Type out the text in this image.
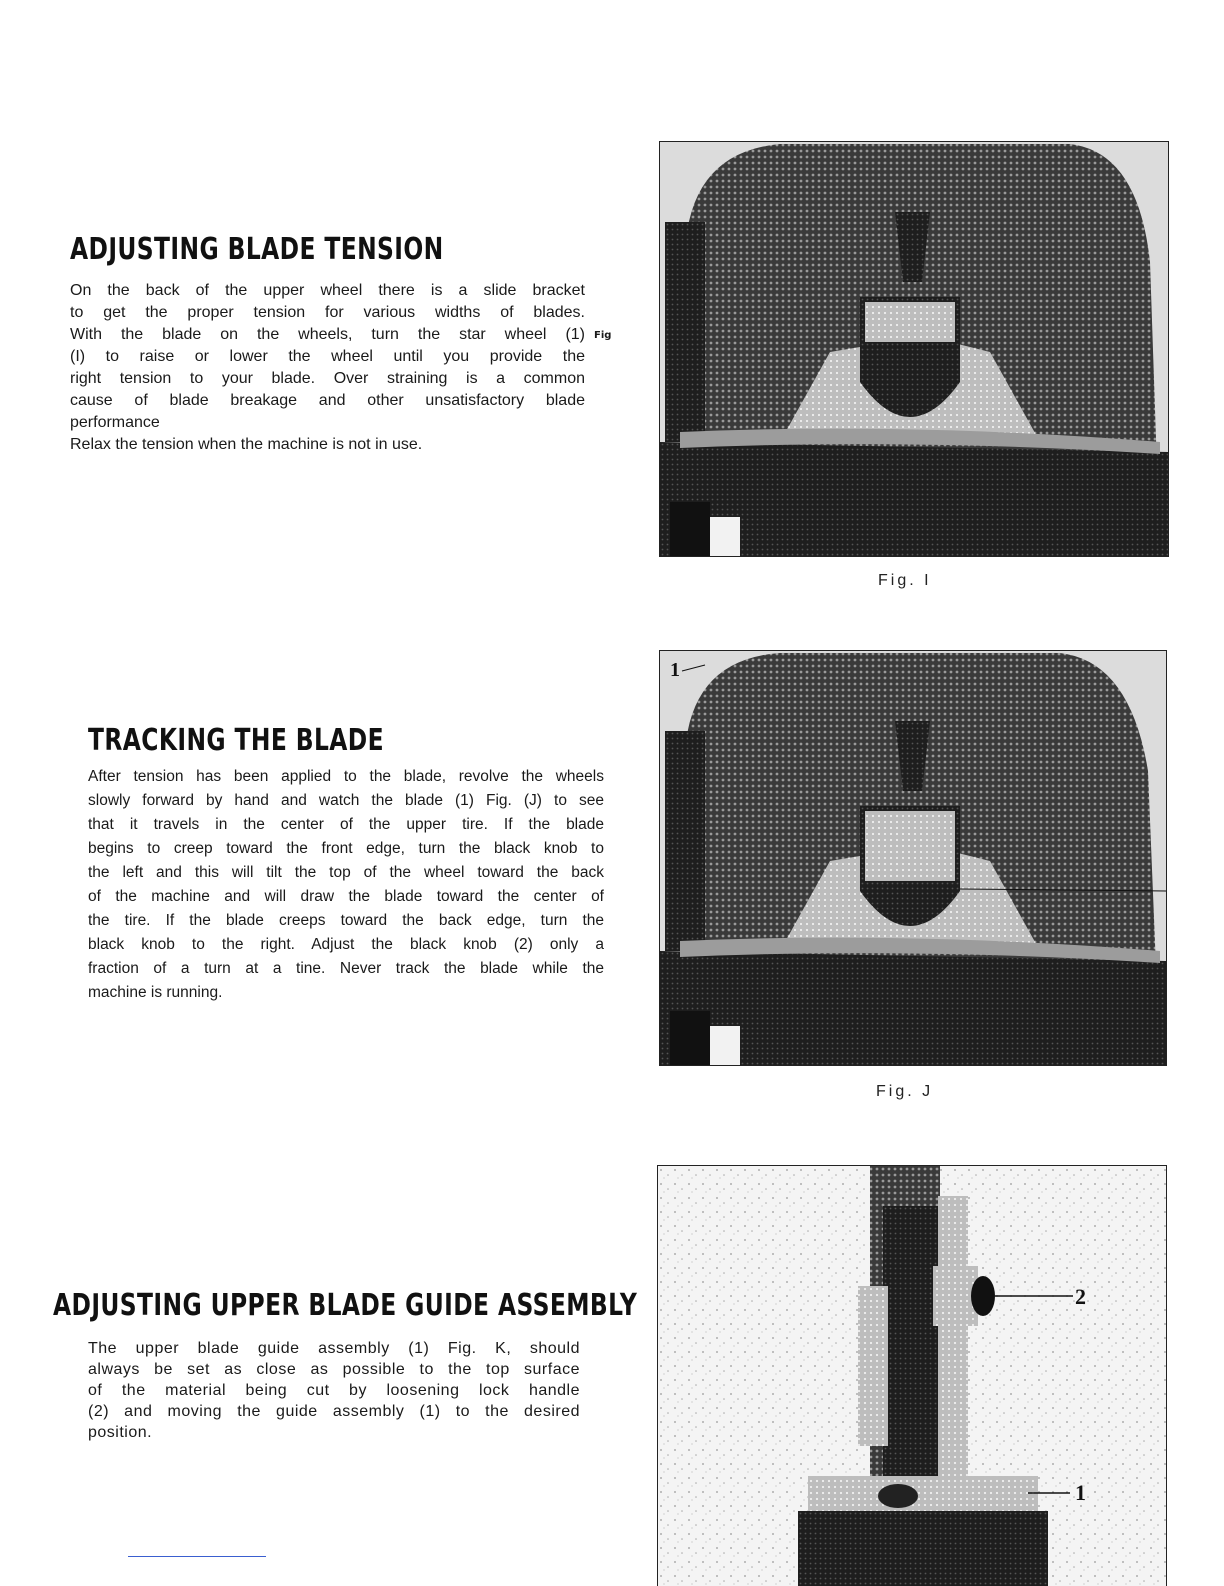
ADJUSTING BLADE TENSION
On the back of the upper wheel there is a slide bracket
to get the proper tension for various widths of blades.
With the blade on the wheels, turn the star wheel (1)
(I) to raise or lower the wheel until you provide the
right tension to your blade. Over straining is a common
cause of blade breakage and other unsatisfactory blade
performance
Relax the tension when the machine is not in use.
Fig
Fig. I
TRACKING THE BLADE
After tension has been applied to the blade, revolve the wheels
slowly forward by hand and watch the blade (1) Fig. (J) to see
that it travels in the center of the upper tire. If the blade
begins to creep toward the front edge, turn the black knob to
the left and this will tilt the top of the wheel toward the back
of the machine and will draw the blade toward the center of
the tire. If the blade creeps toward the back edge, turn the
black knob to the right. Adjust the black knob (2) only a
fraction of a turn at a tine. Never track the blade while the
machine is running.
1
Fig. J
ADJUSTING UPPER BLADE GUIDE ASSEMBLY
The upper blade guide assembly (1) Fig. K, should
always be set as close as possible to the top surface
of the material being cut by loosening lock handle
(2) and moving the guide assembly (1) to the desired
position.
2
1
